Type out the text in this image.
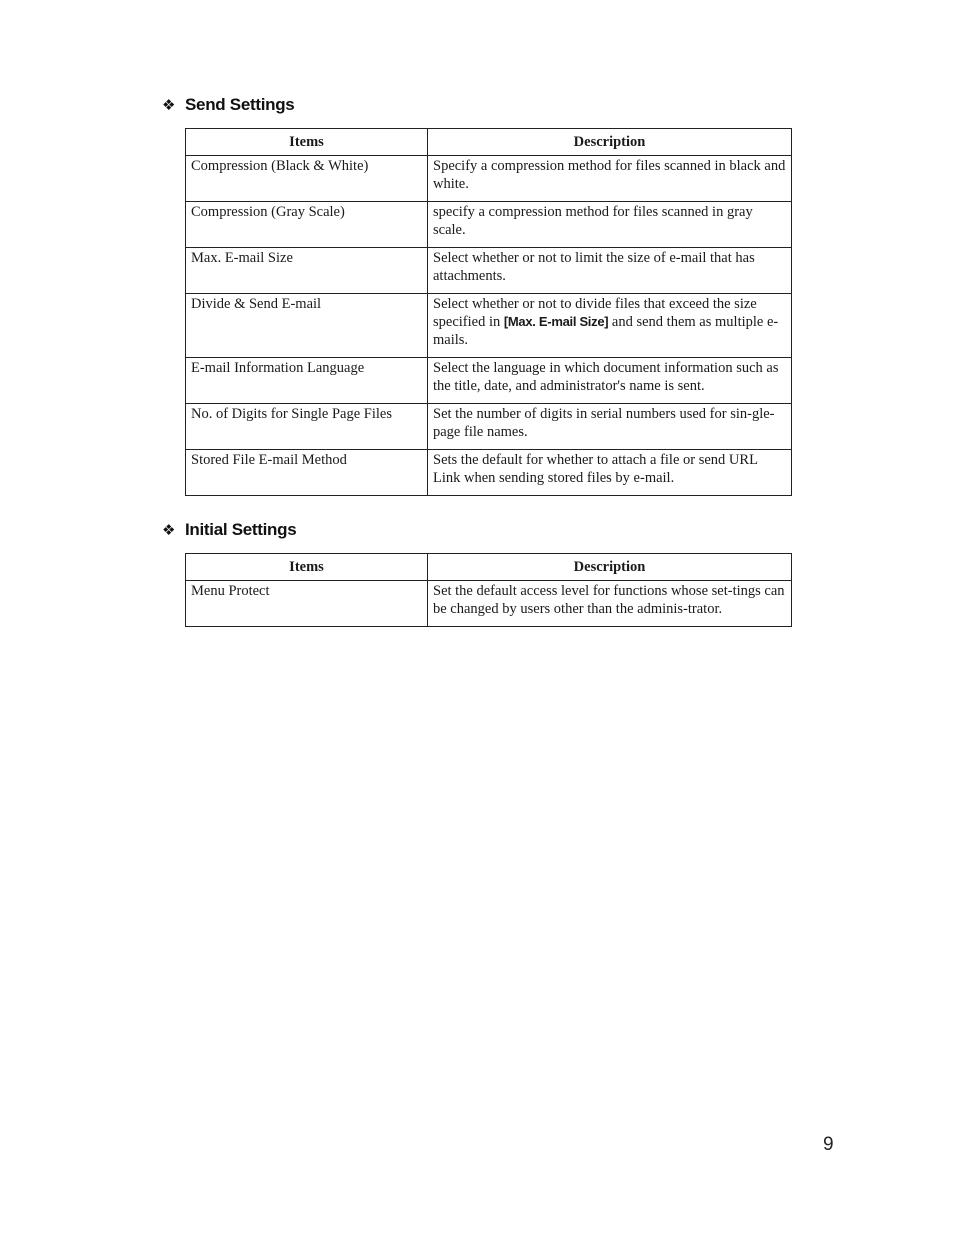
❖ Send Settings
Items	Description
Compression (Black & White)	Specify a compression method for files scanned in black and white.
Compression (Gray Scale)	specify a compression method for files scanned in gray scale.
Max. E-mail Size	Select whether or not to limit the size of e-mail that has attachments.
Divide & Send E-mail	Select whether or not to divide files that exceed the size specified in [Max. E-mail Size] and send them as multiple e-mails.
E-mail Information Language	Select the language in which document information such as the title, date, and administrator's name is sent.
No. of Digits for Single Page Files	Set the number of digits in serial numbers used for sin-gle-page file names.
Stored File E-mail Method	Sets the default for whether to attach a file or send URL Link when sending stored files by e-mail.
❖ Initial Settings
Items	Description
Menu Protect	Set the default access level for functions whose set-tings can be changed by users other than the adminis-trator.
9
